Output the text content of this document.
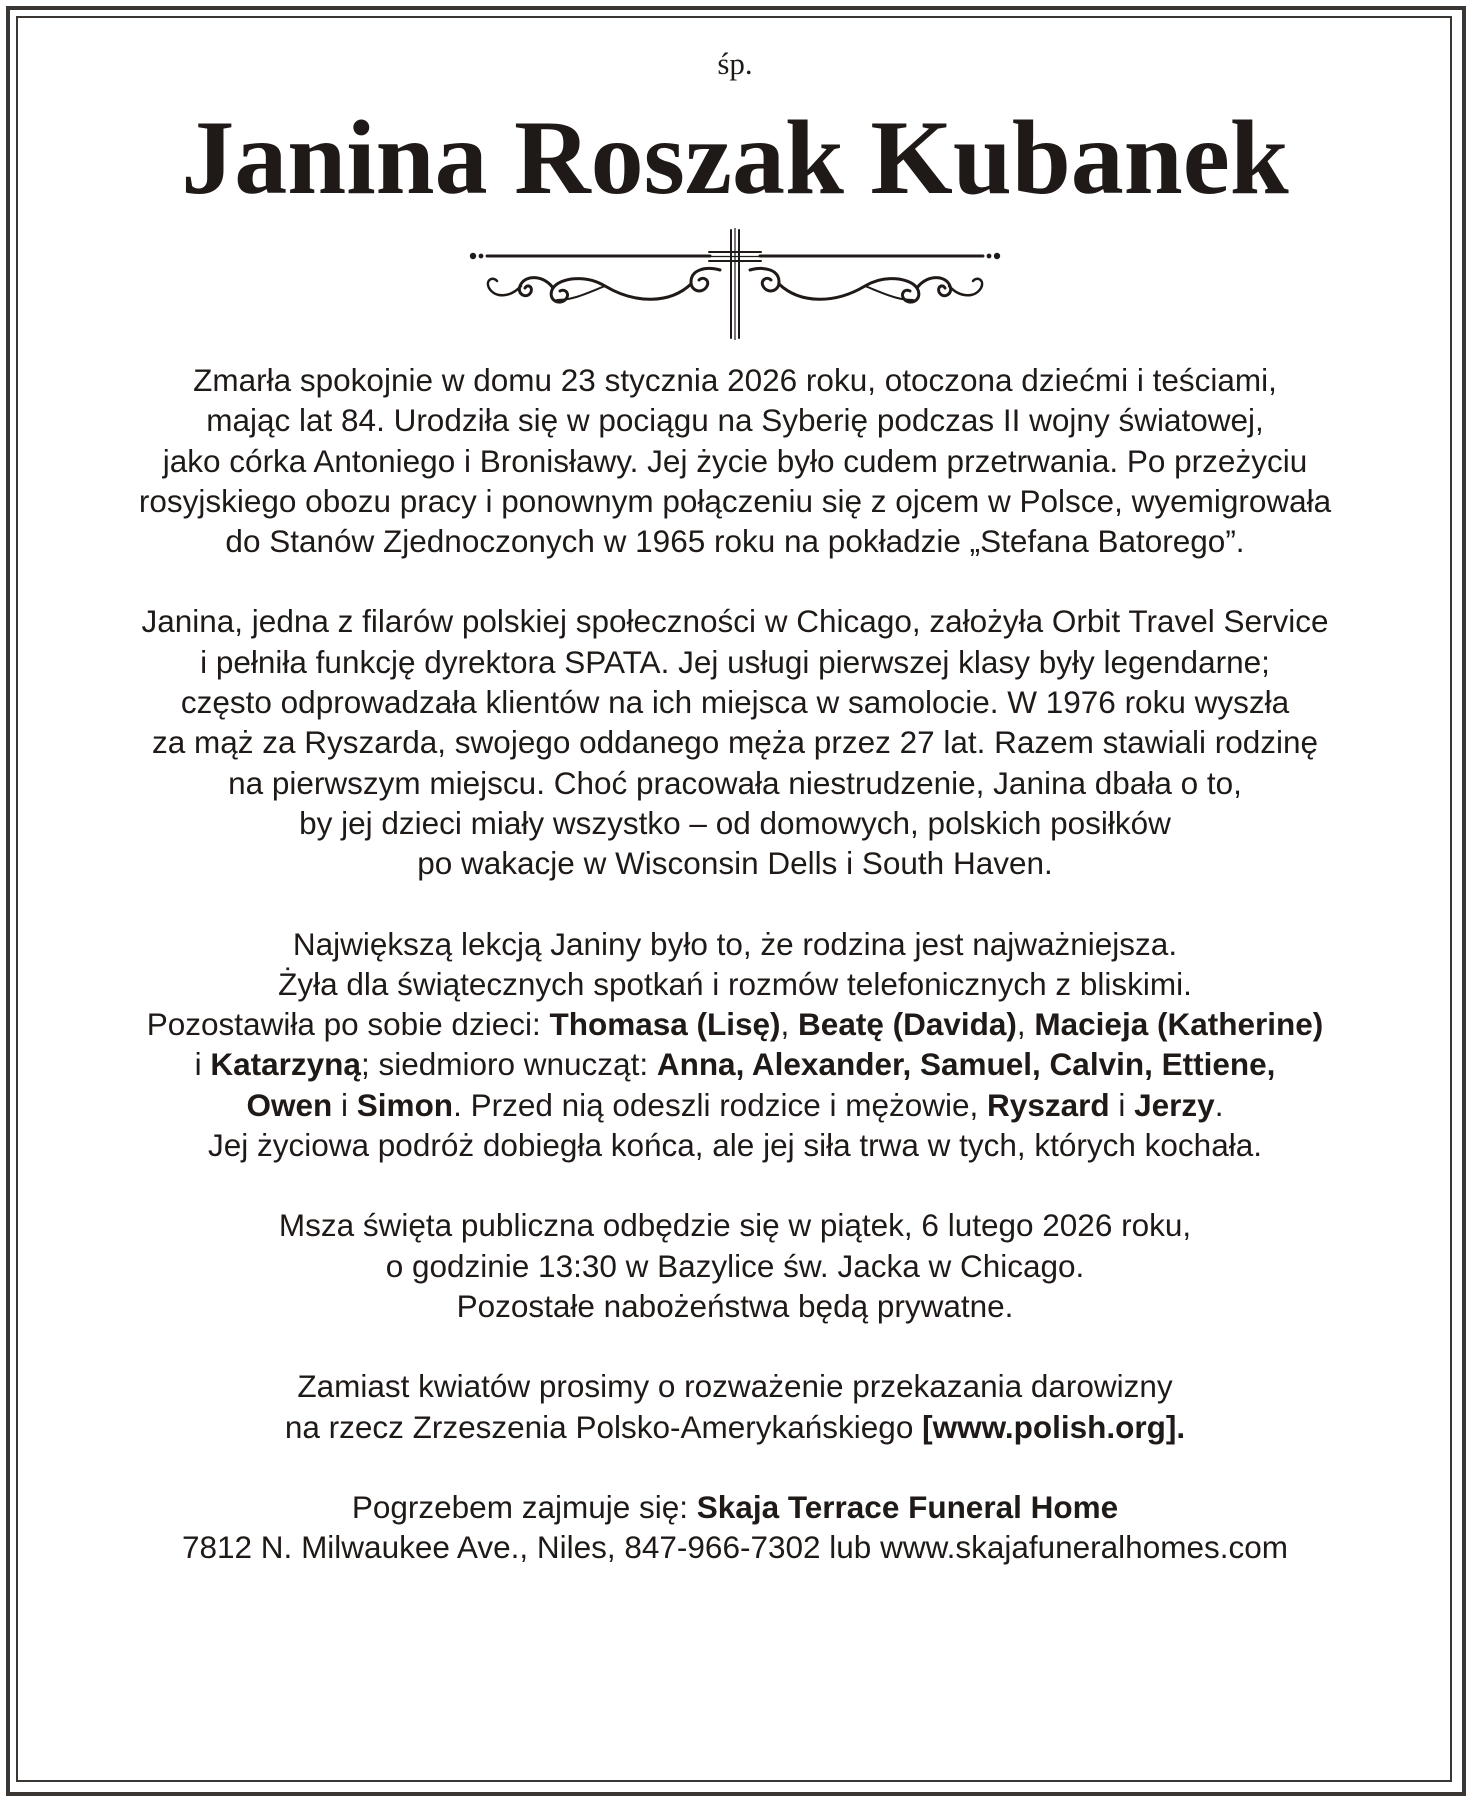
śp.
Janina Roszak Kubanek
Zmarła spokojnie w domu 23 stycznia 2026 roku, otoczona dziećmi i teściami,
mając lat 84. Urodziła się w pociągu na Syberię podczas II wojny światowej,
jako córka Antoniego i Bronisławy. Jej życie było cudem przetrwania. Po przeżyciu
rosyjskiego obozu pracy i ponownym połączeniu się z ojcem w Polsce, wyemigrowała
do Stanów Zjednoczonych w 1965 roku na pokładzie „Stefana Batorego”.
Janina, jedna z filarów polskiej społeczności w Chicago, założyła Orbit Travel Service
i pełniła funkcję dyrektora SPATA. Jej usługi pierwszej klasy były legendarne;
często odprowadzała klientów na ich miejsca w samolocie. W 1976 roku wyszła
za mąż za Ryszarda, swojego oddanego męża przez 27 lat. Razem stawiali rodzinę
na pierwszym miejscu. Choć pracowała niestrudzenie, Janina dbała o to,
by jej dzieci miały wszystko – od domowych, polskich posiłków
po wakacje w Wisconsin Dells i South Haven.
Największą lekcją Janiny było to, że rodzina jest najważniejsza.
Żyła dla świątecznych spotkań i rozmów telefonicznych z bliskimi.
Pozostawiła po sobie dzieci: Thomasa (Lisę), Beatę (Davida), Macieja (Katherine)
i Katarzyną; siedmioro wnucząt: Anna, Alexander, Samuel, Calvin, Ettiene,
Owen i Simon. Przed nią odeszli rodzice i mężowie, Ryszard i Jerzy.
Jej życiowa podróż dobiegła końca, ale jej siła trwa w tych, których kochała.
Msza święta publiczna odbędzie się w piątek, 6 lutego 2026 roku,
o godzinie 13:30 w Bazylice św. Jacka w Chicago.
Pozostałe nabożeństwa będą prywatne.
Zamiast kwiatów prosimy o rozważenie przekazania darowizny
na rzecz Zrzeszenia Polsko-Amerykańskiego [www.polish.org].
Pogrzebem zajmuje się: Skaja Terrace Funeral Home
7812 N. Milwaukee Ave., Niles, 847-966-7302 lub www.skajafuneralhomes.com
